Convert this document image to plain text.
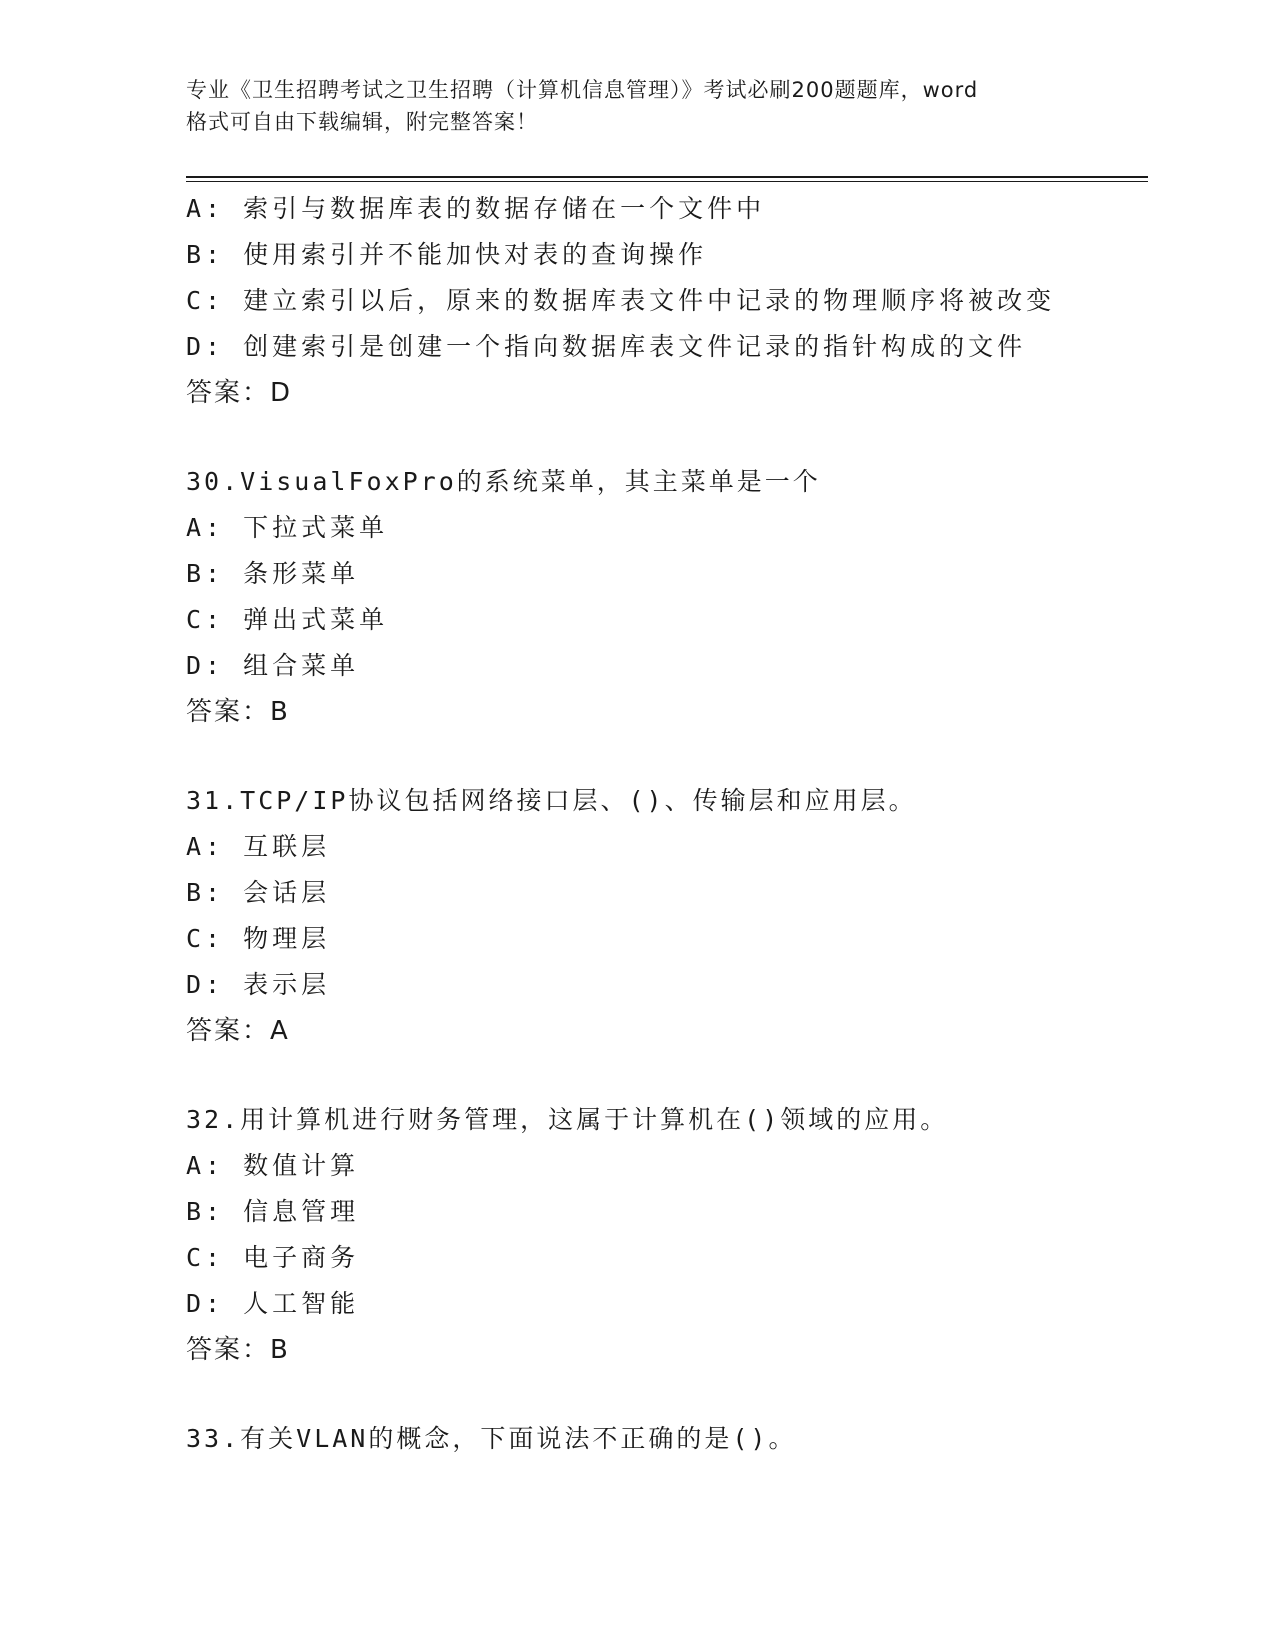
专业《卫生招聘考试之卫生招聘（计算机信息管理）》考试必刷200题题库，word
格式可自由下载编辑，附完整答案！
A: 索引与数据库表的数据存储在一个文件中
B: 使用索引并不能加快对表的查询操作
C: 建立索引以后，原来的数据库表文件中记录的物理顺序将被改变
D: 创建索引是创建一个指向数据库表文件记录的指针构成的文件
答案：D
30.VisualFoxPro的系统菜单，其主菜单是一个
A: 下拉式菜单
B: 条形菜单
C: 弹出式菜单
D: 组合菜单
答案：B
31.TCP/IP协议包括网络接口层、()、传输层和应用层。
A: 互联层
B: 会话层
C: 物理层
D: 表示层
答案：A
32.用计算机进行财务管理，这属于计算机在()领域的应用。
A: 数值计算
B: 信息管理
C: 电子商务
D: 人工智能
答案：B
33.有关VLAN的概念，下面说法不正确的是()。
